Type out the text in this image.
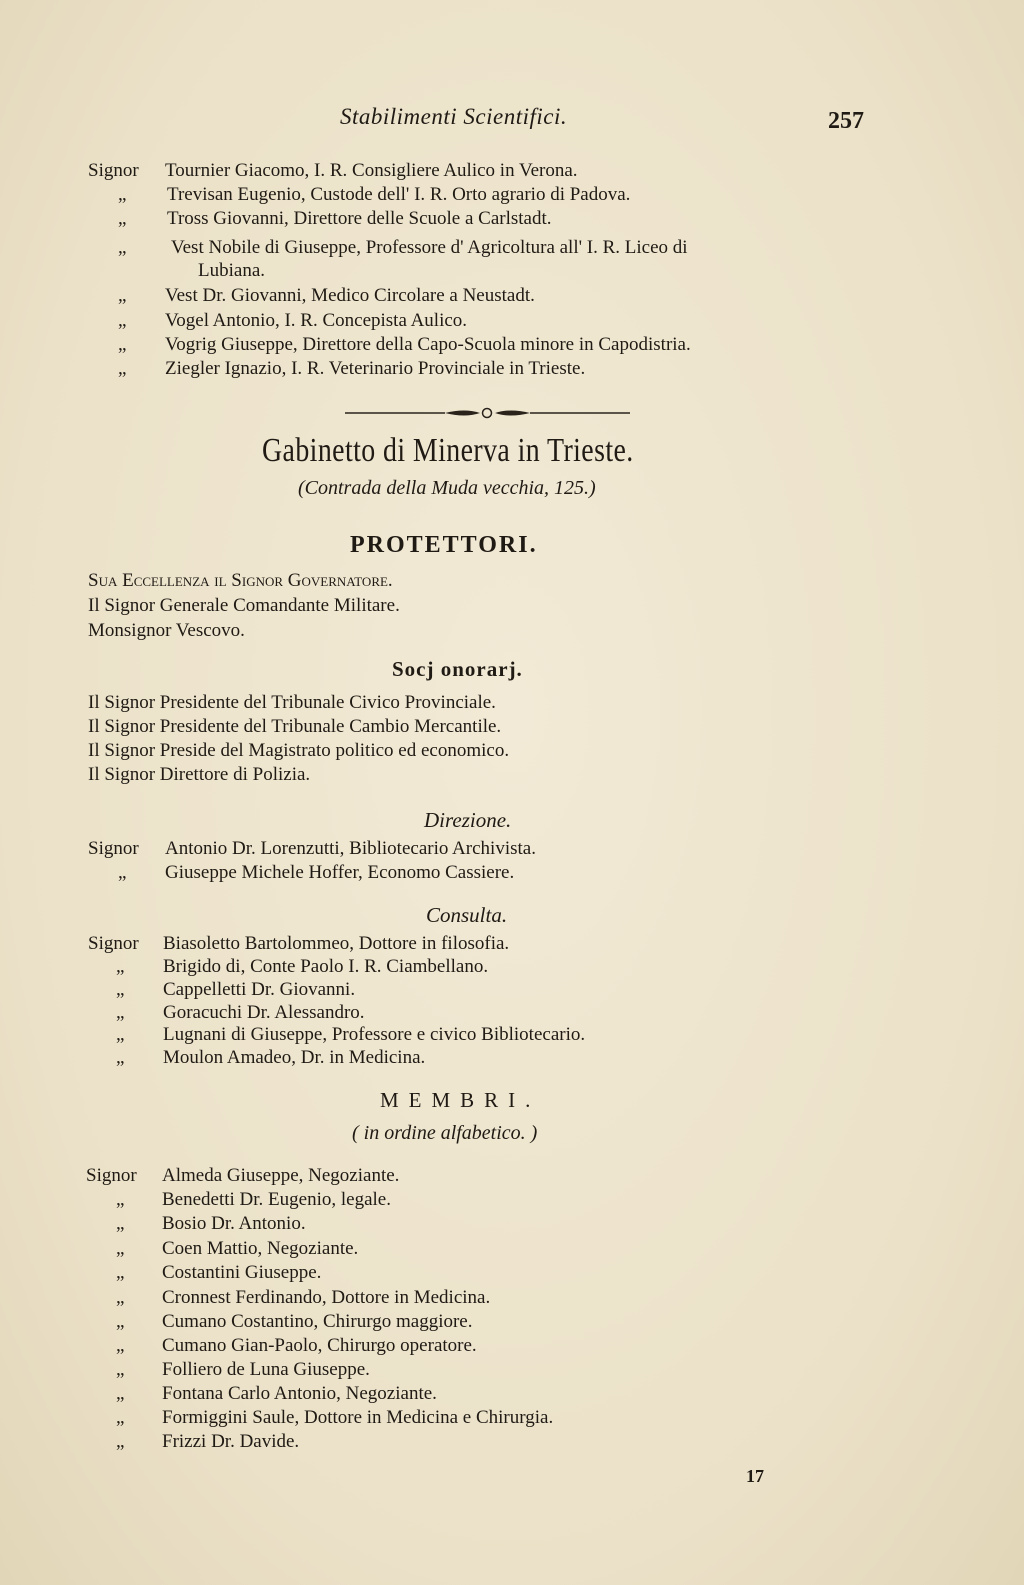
Stabilimenti Scientifici.	257
Signor Tournier Giacomo, I. R. Consigliere Aulico in Verona.
„ Trevisan Eugenio, Custode dell' I. R. Orto agrario di Padova.
„ Tross Giovanni, Direttore delle Scuole a Carlstadt.
„ Vest Nobile di Giuseppe, Professore d' Agricoltura all' I. R. Liceo di
Lubiana.
„ Vest Dr. Giovanni, Medico Circolare a Neustadt.
„ Vogel Antonio, I. R. Concepista Aulico.
„ Vogrig Giuseppe, Direttore della Capo-Scuola minore in Capodistria.
„ Ziegler Ignazio, I. R. Veterinario Provinciale in Trieste.
Gabinetto di Minerva in Trieste.
(Contrada della Muda vecchia, 125.)
PROTETTORI.
Sua Eccellenza il Signor Governatore.
Il Signor Generale Comandante Militare.
Monsignor Vescovo.
Socj onorarj.
Il Signor Presidente del Tribunale Civico Provinciale.
Il Signor Presidente del Tribunale Cambio Mercantile.
Il Signor Preside del Magistrato politico ed economico.
Il Signor Direttore di Polizia.
Direzione.
Signor Antonio Dr. Lorenzutti, Bibliotecario Archivista.
„ Giuseppe Michele Hoffer, Economo Cassiere.
Consulta.
Signor Biasoletto Bartolommeo, Dottore in filosofia.
„ Brigido di, Conte Paolo I. R. Ciambellano.
„ Cappelletti Dr. Giovanni.
„ Goracuchi Dr. Alessandro.
„ Lugnani di Giuseppe, Professore e civico Bibliotecario.
„ Moulon Amadeo, Dr. in Medicina.
MEMBRI.
( in ordine alfabetico. )
Signor Almeda Giuseppe, Negoziante.
„ Benedetti Dr. Eugenio, legale.
„ Bosio Dr. Antonio.
„ Coen Mattio, Negoziante.
„ Costantini Giuseppe.
„ Cronnest Ferdinando, Dottore in Medicina.
„ Cumano Costantino, Chirurgo maggiore.
„ Cumano Gian-Paolo, Chirurgo operatore.
„ Folliero de Luna Giuseppe.
„ Fontana Carlo Antonio, Negoziante.
„ Formiggini Saule, Dottore in Medicina e Chirurgia.
„ Frizzi Dr. Davide.
17
